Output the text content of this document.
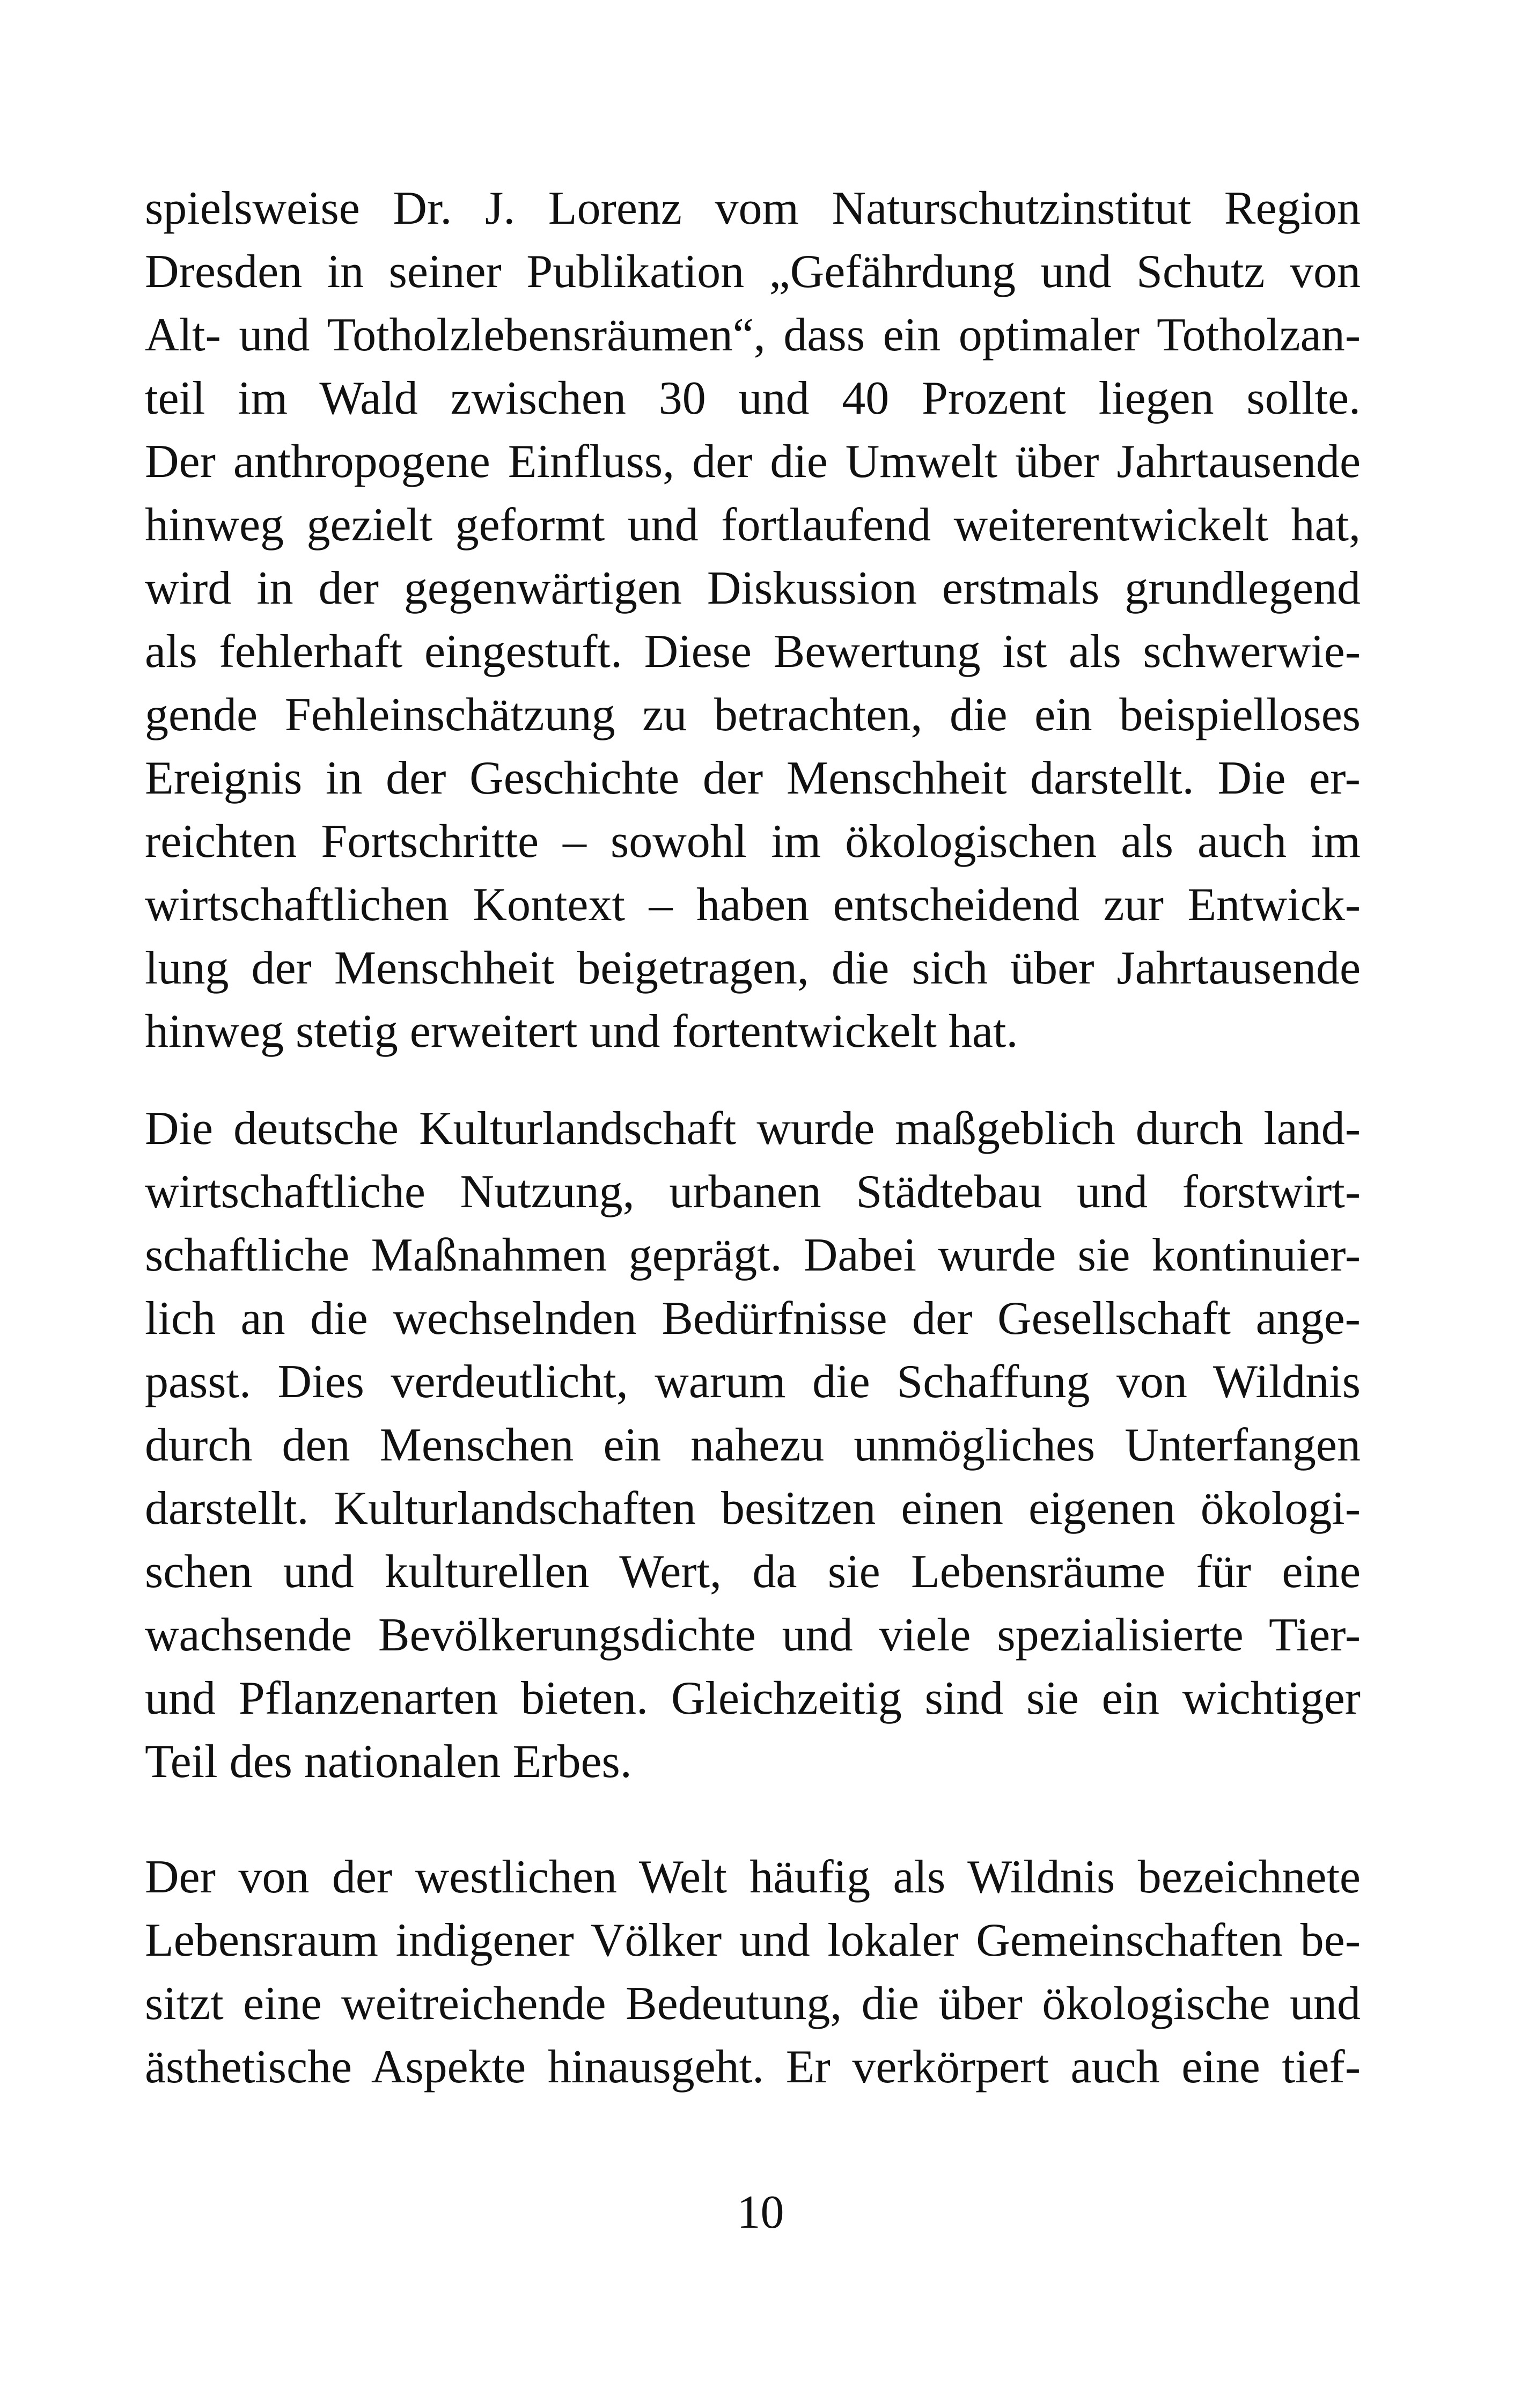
spielsweise Dr. J. Lorenz vom Naturschutzinstitut Region
Dresden in seiner Publikation „Gefährdung und Schutz von
Alt- und Totholzlebensräumen“, dass ein optimaler Totholzan-
teil im Wald zwischen 30 und 40 Prozent liegen sollte.
Der anthropogene Einfluss, der die Umwelt über Jahrtausende
hinweg gezielt geformt und fortlaufend weiterentwickelt hat,
wird in der gegenwärtigen Diskussion erstmals grundlegend
als fehlerhaft eingestuft. Diese Bewertung ist als schwerwie-
gende Fehleinschätzung zu betrachten, die ein beispielloses
Ereignis in der Geschichte der Menschheit darstellt. Die er-
reichten Fortschritte – sowohl im ökologischen als auch im
wirtschaftlichen Kontext – haben entscheidend zur Entwick-
lung der Menschheit beigetragen, die sich über Jahrtausende
hinweg stetig erweitert und fortentwickelt hat.
Die deutsche Kulturlandschaft wurde maßgeblich durch land-
wirtschaftliche Nutzung, urbanen Städtebau und forstwirt-
schaftliche Maßnahmen geprägt. Dabei wurde sie kontinuier-
lich an die wechselnden Bedürfnisse der Gesellschaft ange-
passt. Dies verdeutlicht, warum die Schaffung von Wildnis
durch den Menschen ein nahezu unmögliches Unterfangen
darstellt. Kulturlandschaften besitzen einen eigenen ökologi-
schen und kulturellen Wert, da sie Lebensräume für eine
wachsende Bevölkerungsdichte und viele spezialisierte Tier-
und Pflanzenarten bieten. Gleichzeitig sind sie ein wichtiger
Teil des nationalen Erbes.
Der von der westlichen Welt häufig als Wildnis bezeichnete
Lebensraum indigener Völker und lokaler Gemeinschaften be-
sitzt eine weitreichende Bedeutung, die über ökologische und
ästhetische Aspekte hinausgeht. Er verkörpert auch eine tief-
10
